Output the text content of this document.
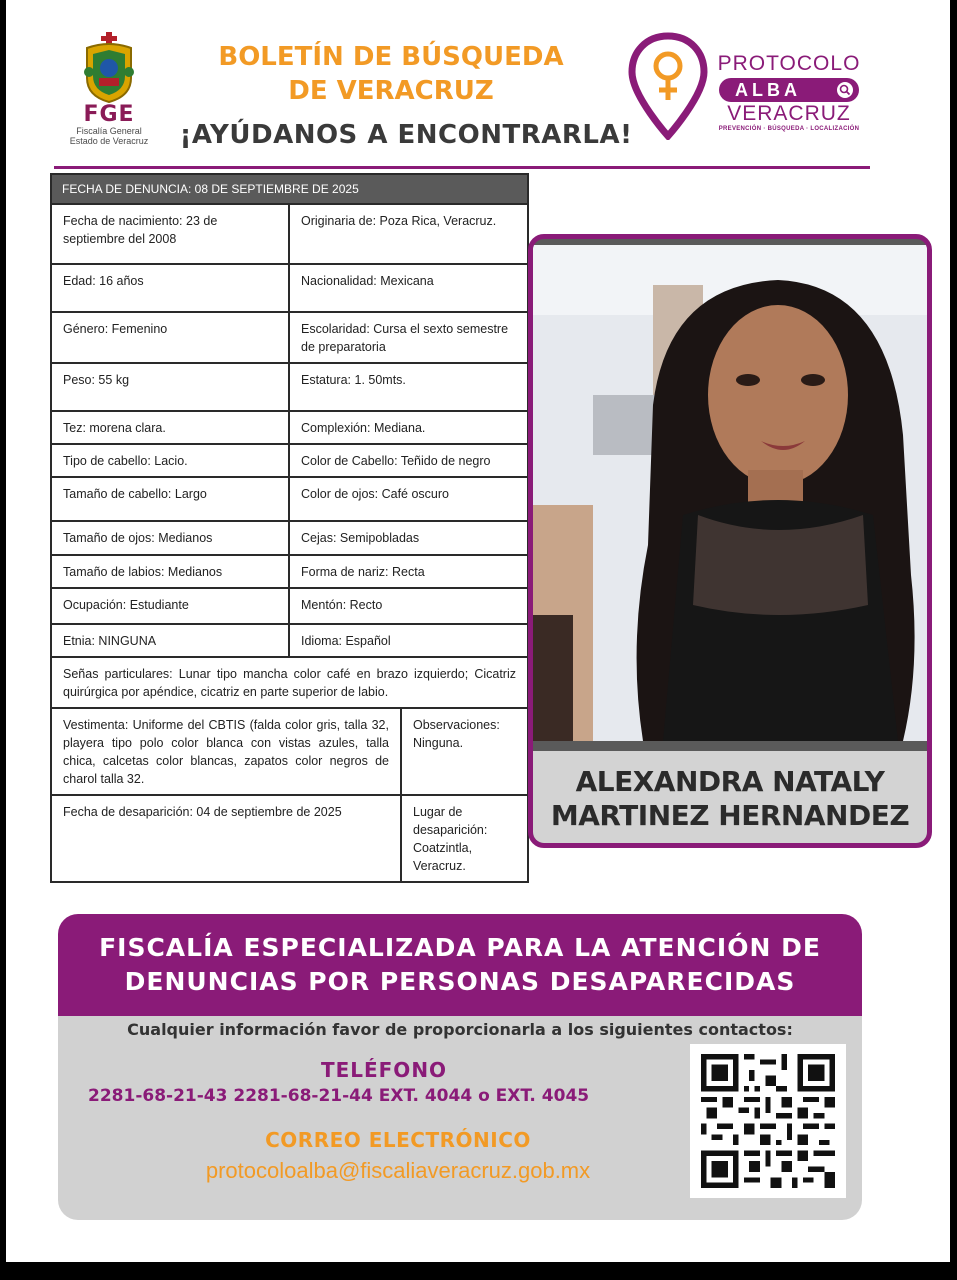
FGE
Fiscalía General
Estado de Veracruz
BOLETÍN DE BÚSQUEDA
DE VERACRUZ
¡AYÚDANOS A ENCONTRARLA!
PROTOCOLO
ALBA
VERACRUZ
PREVENCIÓN · BÚSQUEDA · LOCALIZACIÓN
FECHA DE DENUNCIA: 08 DE SEPTIEMBRE DE 2025		
Fecha de nacimiento: 23 de septiembre del 2008	Originaria de: Poza Rica, Veracruz.	
Edad: 16 años	Nacionalidad: Mexicana	
Género: Femenino	Escolaridad: Cursa el sexto semestre de preparatoria	
Peso: 55 kg	Estatura: 1. 50mts.	
Tez: morena clara.	Complexión: Mediana.	
Tipo de cabello: Lacio.	Color de Cabello: Teñido de negro	
Tamaño de cabello: Largo	Color de ojos: Café oscuro	
Tamaño de ojos: Medianos	Cejas: Semipobladas	
Tamaño de labios: Medianos	Forma de nariz: Recta	
Ocupación: Estudiante	Mentón: Recto	
Etnia: NINGUNA	Idioma: Español	
Señas particulares: Lunar tipo mancha color café en brazo izquierdo; Cicatriz quirúrgica por apéndice, cicatriz en parte superior de labio.		
Vestimenta: Uniforme del CBTIS (falda color gris, talla 32, playera tipo polo color blanca con vistas azules, talla chica, calcetas color blancas, zapatos color negros de charol talla 32.		Observaciones: Ninguna.
Fecha de desaparición: 04 de septiembre de 2025		Lugar de desaparición: Coatzintla, Veracruz.
ALEXANDRA NATALY
MARTINEZ HERNANDEZ
FISCALÍA ESPECIALIZADA PARA LA ATENCIÓN DE
DENUNCIAS POR PERSONAS DESAPARECIDAS
Cualquier información favor de proporcionarla a los siguientes contactos:
TELÉFONO
2281-68-21-43 2281-68-21-44 EXT. 4044 o EXT. 4045
CORREO ELECTRÓNICO
protocoloalba@fiscaliaveracruz.gob.mx
